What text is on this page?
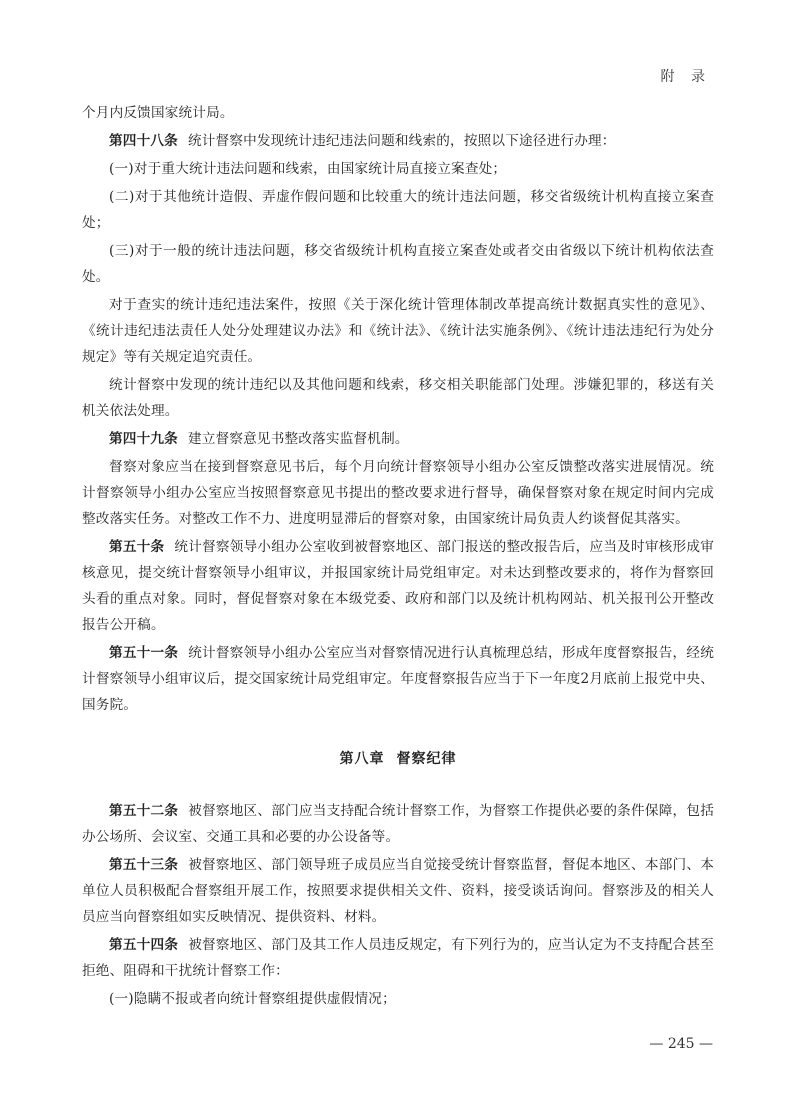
附 录

个月内反馈国家统计局。

第四十八条 统计督察中发现统计违纪违法问题和线索的，按照以下途径进行办理：

(一)对于重大统计违法问题和线索，由国家统计局直接立案查处；

(二)对于其他统计造假、弄虚作假问题和比较重大的统计违法问题，移交省级统计机构直接立案查处；

(三)对于一般的统计违法问题，移交省级统计机构直接立案查处或者交由省级以下统计机构依法查处。

对于查实的统计违纪违法案件，按照《关于深化统计管理体制改革提高统计数据真实性的意见》、《统计违纪违法责任人处分处理建议办法》和《统计法》、《统计法实施条例》、《统计违法违纪行为处分规定》等有关规定追究责任。

统计督察中发现的统计违纪以及其他问题和线索，移交相关职能部门处理。涉嫌犯罪的，移送有关机关依法处理。

第四十九条 建立督察意见书整改落实监督机制。

督察对象应当在接到督察意见书后，每个月向统计督察领导小组办公室反馈整改落实进展情况。统计督察领导小组办公室应当按照督察意见书提出的整改要求进行督导，确保督察对象在规定时间内完成整改落实任务。对整改工作不力、进度明显滞后的督察对象，由国家统计局负责人约谈督促其落实。

第五十条 统计督察领导小组办公室收到被督察地区、部门报送的整改报告后，应当及时审核形成审核意见，提交统计督察领导小组审议，并报国家统计局党组审定。对未达到整改要求的，将作为督察回头看的重点对象。同时，督促督察对象在本级党委、政府和部门以及统计机构网站、机关报刊公开整改报告公开稿。

第五十一条 统计督察领导小组办公室应当对督察情况进行认真梳理总结，形成年度督察报告，经统计督察领导小组审议后，提交国家统计局党组审定。年度督察报告应当于下一年度2月底前上报党中央、国务院。

第八章 督察纪律

第五十二条 被督察地区、部门应当支持配合统计督察工作，为督察工作提供必要的条件保障，包括办公场所、会议室、交通工具和必要的办公设备等。

第五十三条 被督察地区、部门领导班子成员应当自觉接受统计督察监督，督促本地区、本部门、本单位人员积极配合督察组开展工作，按照要求提供相关文件、资料，接受谈话询问。督察涉及的相关人员应当向督察组如实反映情况、提供资料、材料。

第五十四条 被督察地区、部门及其工作人员违反规定，有下列行为的，应当认定为不支持配合甚至拒绝、阻碍和干扰统计督察工作：

(一)隐瞒不报或者向统计督察组提供虚假情况；

— 245 —
